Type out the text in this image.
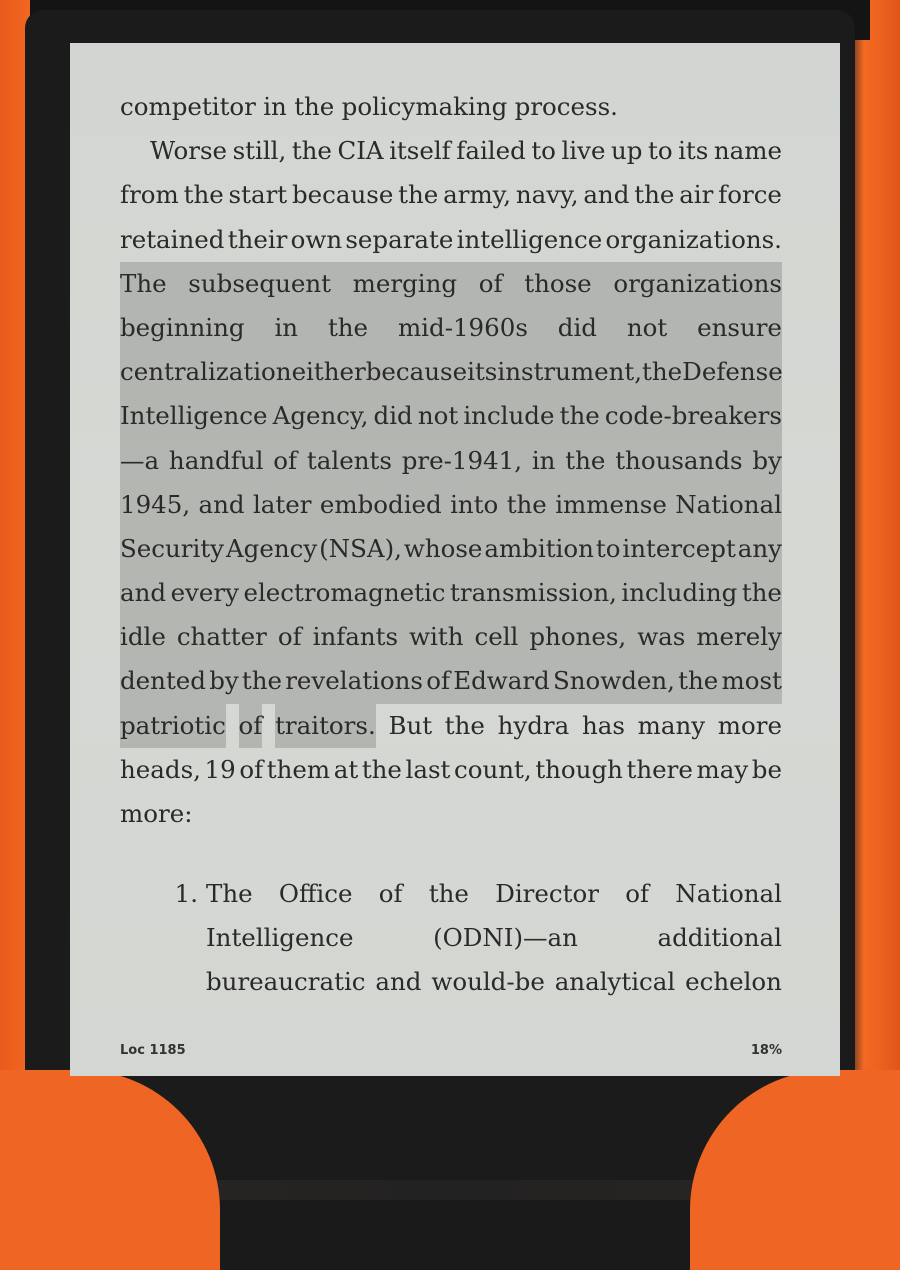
competitor in the policymaking process.
Worse still, the CIA itself failed to live up to its name
from the start because the army, navy, and the air force
retained their own separate intelligence organizations.
The subsequent merging of those organizations
beginning in the mid-1960s did not ensure
centralization either because its instrument, the Defense
Intelligence Agency, did not include the code-breakers
—a handful of talents pre-1941, in the thousands by
1945, and later embodied into the immense National
Security Agency (NSA), whose ambition to intercept any
and every electromagnetic transmission, including the
idle chatter of infants with cell phones, was merely
dented by the revelations of Edward Snowden, the most
patriotic of traitors. But the hydra has many more
heads, 19 of them at the last count, though there may be
more:
1. The Office of the Director of National
Intelligence	(ODNI)—an	additional
bureaucratic and would-be analytical echelon
Loc 1185	18%
